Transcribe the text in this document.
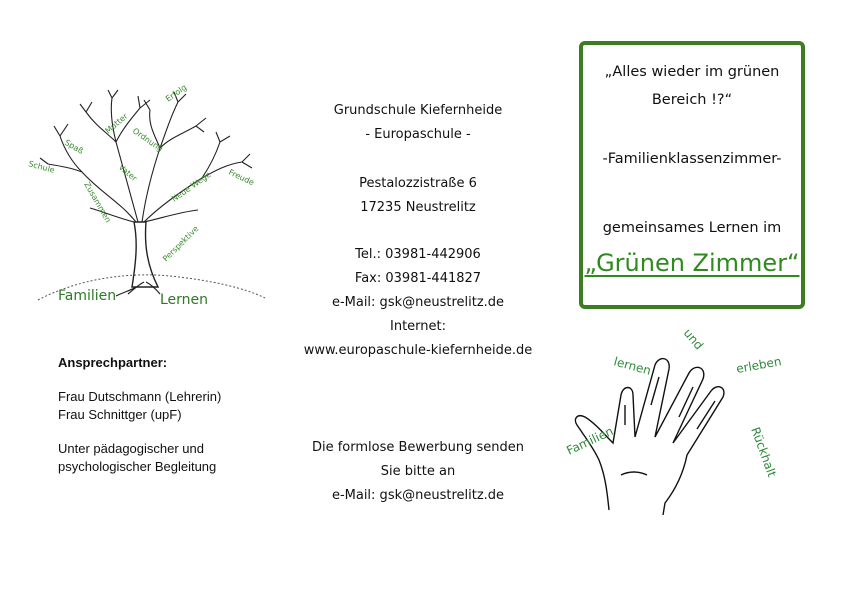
Erfolg
Mutter
Ordnung
Spaß
Schule	Vater	Freude
Neue Wege
Zusammen
Perspektive
Familien	Lernen
Ansprechpartner:
Frau Dutschmann (Lehrerin)
Frau Schnittger (upF)
Unter pädagogischer und
psychologischer Begleitung
Grundschule Kiefernheide
- Europaschule -
Pestalozzistraße 6
17235 Neustrelitz
Tel.: 03981-442906
Fax: 03981-441827
e-Mail: gsk@neustrelitz.de
Internet:
www.europaschule-kiefernheide.de
Die formlose Bewerbung senden
Sie bitte an
e-Mail: gsk@neustrelitz.de
„Alles wieder im grünen
Bereich !?“
-Familienklassenzimmer-
gemeinsames Lernen im
„Grünen Zimmer“
Familien
lernen
und
erleben
Rückhalt
